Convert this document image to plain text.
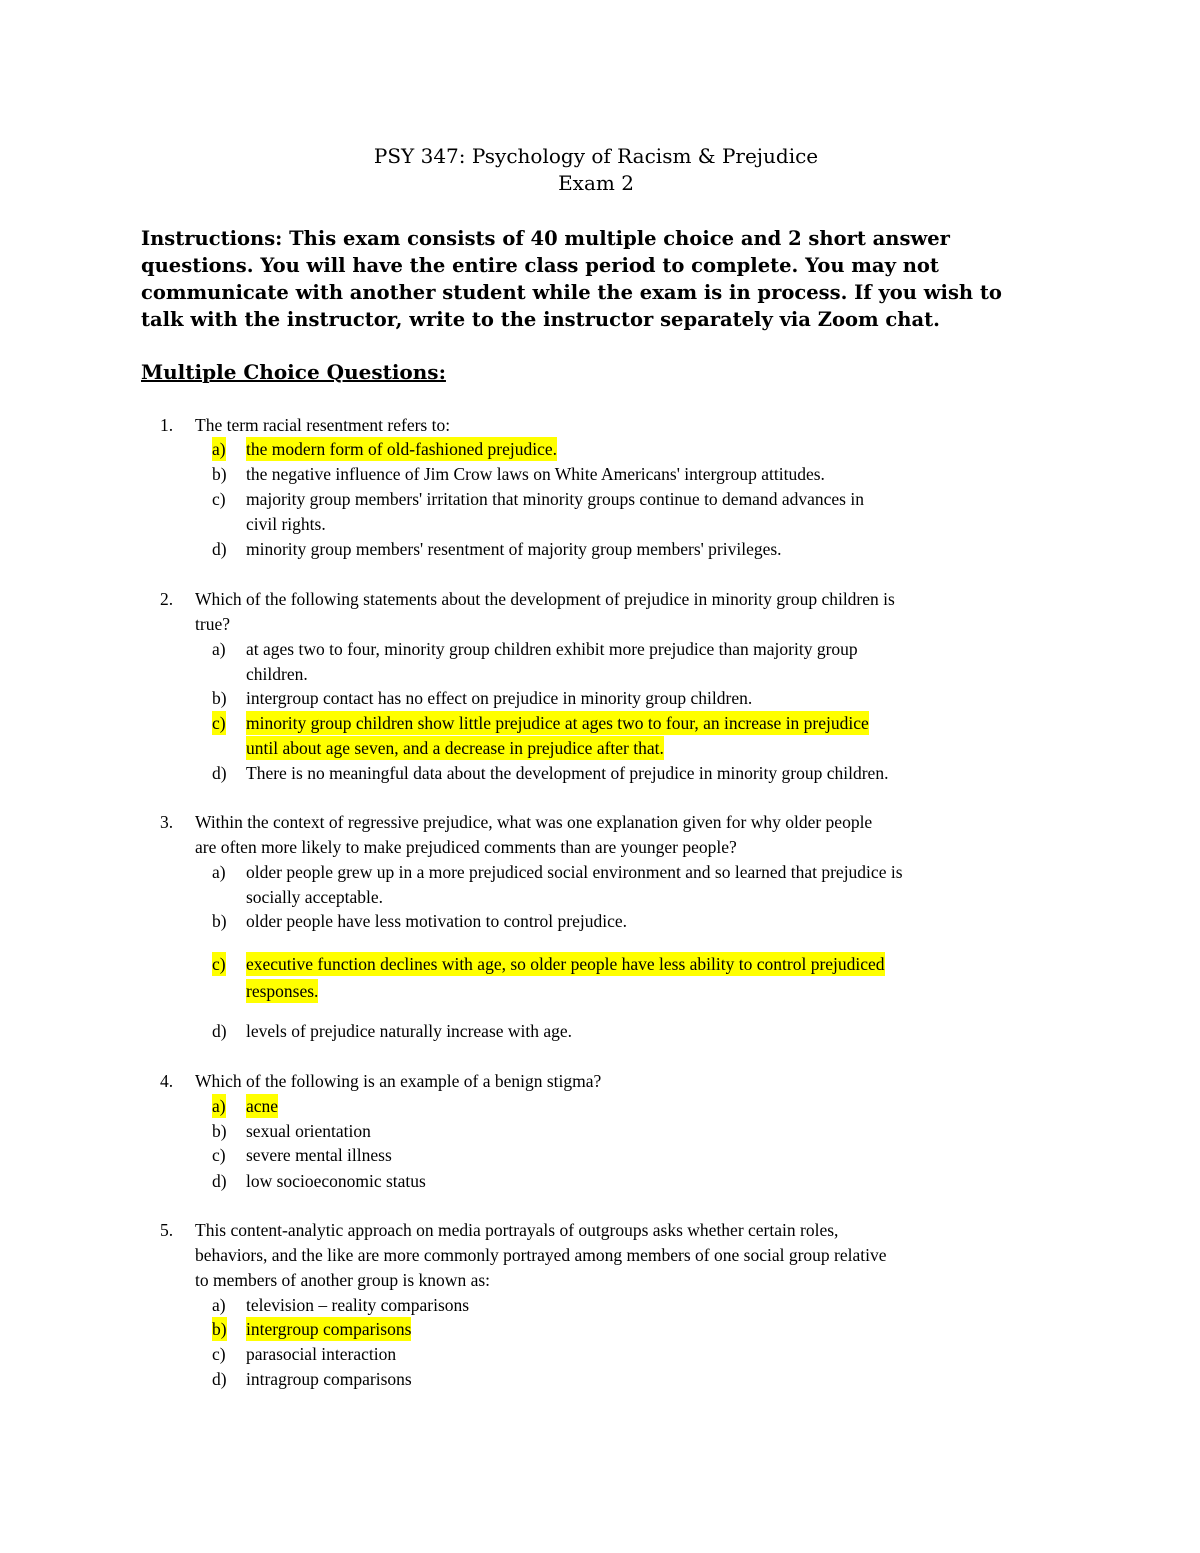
PSY 347: Psychology of Racism & Prejudice
Exam 2
Instructions: This exam consists of 40 multiple choice and 2 short answer questions. You will have the entire class period to complete. You may not communicate with another student while the exam is in process. If you wish to talk with the instructor, write to the instructor separately via Zoom chat.
Multiple Choice Questions:
1. The term racial resentment refers to:
a) the modern form of old-fashioned prejudice.
b) the negative influence of Jim Crow laws on White Americans' intergroup attitudes.
c) majority group members' irritation that minority groups continue to demand advances in
civil rights.
d) minority group members' resentment of majority group members' privileges.
2. Which of the following statements about the development of prejudice in minority group children is
true?
a) at ages two to four, minority group children exhibit more prejudice than majority group
children.
b) intergroup contact has no effect on prejudice in minority group children.
c) minority group children show little prejudice at ages two to four, an increase in prejudice
until about age seven, and a decrease in prejudice after that.
d) There is no meaningful data about the development of prejudice in minority group children.
3. Within the context of regressive prejudice, what was one explanation given for why older people
are often more likely to make prejudiced comments than are younger people?
a) older people grew up in a more prejudiced social environment and so learned that prejudice is
socially acceptable.
b) older people have less motivation to control prejudice.
c) executive function declines with age, so older people have less ability to control prejudiced
responses.
d) levels of prejudice naturally increase with age.
4. Which of the following is an example of a benign stigma?
a) acne
b) sexual orientation
c) severe mental illness
d) low socioeconomic status
5. This content-analytic approach on media portrayals of outgroups asks whether certain roles,
behaviors, and the like are more commonly portrayed among members of one social group relative
to members of another group is known as:
a) television – reality comparisons
b) intergroup comparisons
c) parasocial interaction
d) intragroup comparisons
